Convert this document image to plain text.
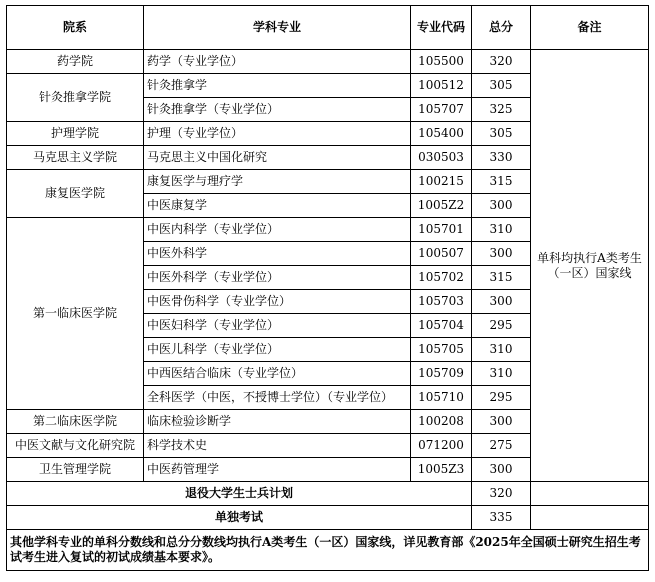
院系	学科专业	专业代码	总分	备注
药学院	药学（专业学位）	105500	320	单科均执行A类考生（一区）国家线
针灸推拿学院	针灸推拿学	100512	305	
	针灸推拿学（专业学位）	105707	325	
护理学院	护理（专业学位）	105400	305	
马克思主义学院	马克思主义中国化研究	030503	330	
康复医学院	康复医学与理疗学	100215	315	
	中医康复学	1005Z2	300	
第一临床医学院	中医内科学（专业学位）	105701	310	
	中医外科学	100507	300	
	中医外科学（专业学位）	105702	315	
	中医骨伤科学（专业学位）	105703	300	
	中医妇科学（专业学位）	105704	295	
	中医儿科学（专业学位）	105705	310	
	中西医结合临床（专业学位）	105709	310	
	全科医学（中医，不授博士学位）（专业学位）	105710	295	
第二临床医学院	临床检验诊断学	100208	300	
中医文献与文化研究院	科学技术史	071200	275	
卫生管理学院	中医药管理学	1005Z3	300	
退役大学生士兵计划			320	
单独考试			335	
其他学科专业的单科分数线和总分分数线均执行A类考生（一区）国家线，详见教育部《2025年全国硕士研究生招生考试考生进入复试的初试成绩基本要求》。				
